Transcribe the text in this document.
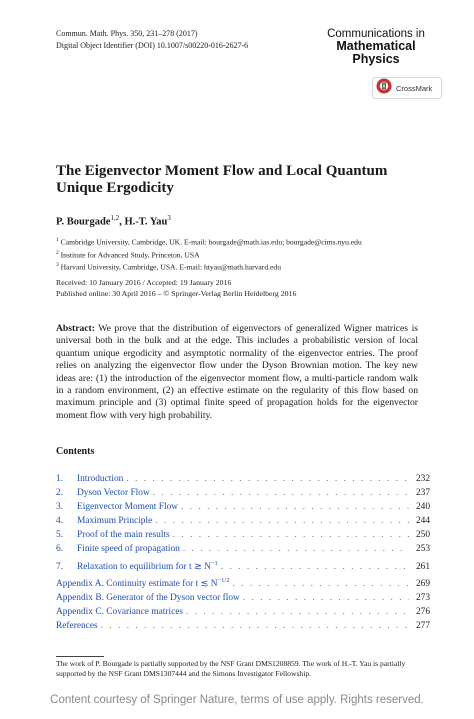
Commun. Math. Phys. 350, 231–278 (2017)
Digital Object Identifier (DOI) 10.1007/s00220-016-2627-6
Communications in
Mathematical
Physics
CrossMark
The Eigenvector Moment Flow and Local Quantum Unique Ergodicity
P. Bourgade$^{1,2}$, H.-T. Yau$^3$
$^1$ Cambridge University, Cambridge, UK. E-mail: bourgade@math.ias.edu; bourgade@cims.nyu.edu
$^2$ Institute for Advanced Study, Princeton, USA
$^3$ Harvard University, Cambridge, USA. E-mail: htyau@math.harvard.edu
Received: 10 January 2016 / Accepted: 19 January 2016
Published online: 30 April 2016 – © Springer-Verlag Berlin Heidelberg 2016
Abstract: We prove that the distribution of eigenvectors of generalized Wigner matrices is universal both in the bulk and at the edge. This includes a probabilistic version of local quantum unique ergodicity and asymptotic normality of the eigenvector entries. The proof relies on analyzing the eigenvector flow under the Dyson Brownian motion. The key new ideas are: (1) the introduction of the eigenvector moment flow, a multi-particle random walk in a random environment, (2) an effective estimate on the regularity of this flow based on maximum principle and (3) optimal finite speed of propagation holds for the eigenvector moment flow with very high probability.
Contents
1.	Introduction . . .	232
2.	Dyson Vector Flow . . .	237
3.	Eigenvector Moment Flow . . .	240
4.	Maximum Principle . . .	244
5.	Proof of the main results . . .	250
6.	Finite speed of propagation . . .	253
7.	Relaxation to equilibrium for t ≳ $N^{-1}$ . . .	261
Appendix A. Continuity estimate for t ≲ $N^{-1/2}$ . . .	269
Appendix B. Generator of the Dyson vector flow . . .	273
Appendix C. Covariance matrices . . .	276
References . . .	277
The work of P. Bourgade is partially supported by the NSF Grant DMS1208859. The work of H.-T. Yau is partially supported by the NSF Grant DMS1307444 and the Simons Investigator Fellowship.
Content courtesy of Springer Nature, terms of use apply. Rights reserved.
